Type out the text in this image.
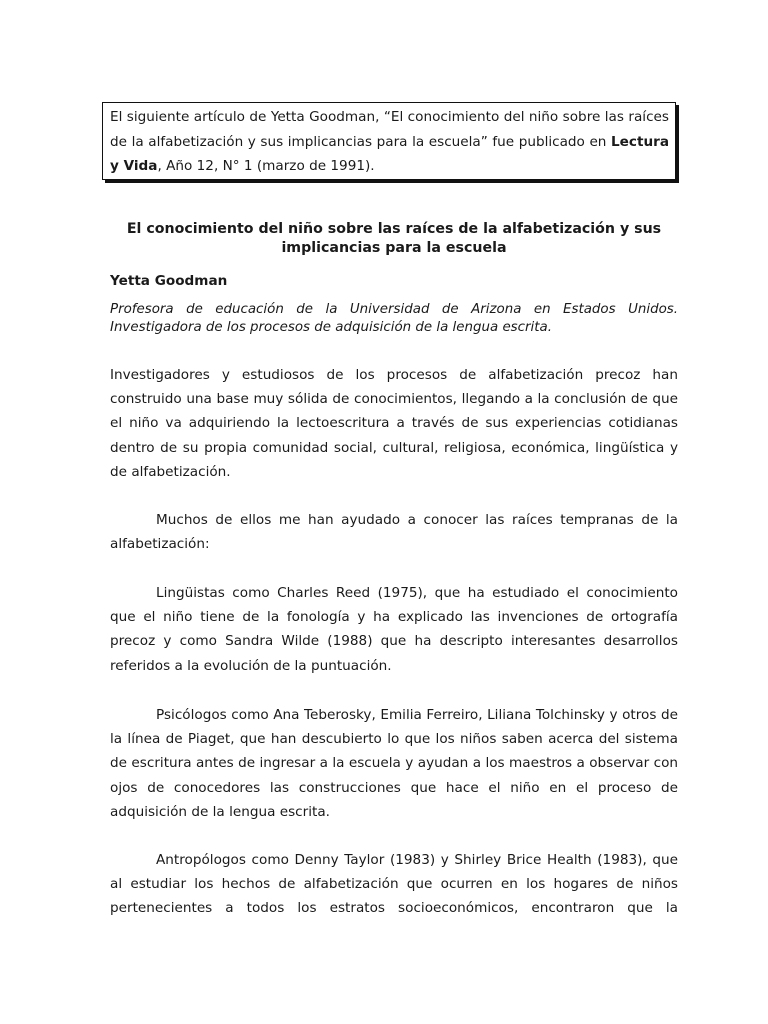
El siguiente artículo de Yetta Goodman, “El conocimiento del niño sobre las raíces de la alfabetización y sus implicancias para la escuela” fue publicado en Lectura y Vida, Año 12, N° 1 (marzo de 1991).
El conocimiento del niño sobre las raíces de la alfabetización y sus implicancias para la escuela
Yetta Goodman
Profesora de educación de la Universidad de Arizona en Estados Unidos. Investigadora de los procesos de adquisición de la lengua escrita.

Investigadores y estudiosos de los procesos de alfabetización precoz han construido una base muy sólida de conocimientos, llegando a la conclusión de que el niño va adquiriendo la lectoescritura a través de sus experiencias cotidianas dentro de su propia comunidad social, cultural, religiosa, económica, lingüística y de alfabetización.

Muchos de ellos me han ayudado a conocer las raíces tempranas de la alfabetización:

Lingüistas como Charles Reed (1975), que ha estudiado el conocimiento que el niño tiene de la fonología y ha explicado las invenciones de ortografía precoz y como Sandra Wilde (1988) que ha descripto interesantes desarrollos referidos a la evolución de la puntuación.

Psicólogos como Ana Teberosky, Emilia Ferreiro, Liliana Tolchinsky y otros de la línea de Piaget, que han descubierto lo que los niños saben acerca del sistema de escritura antes de ingresar a la escuela y ayudan a los maestros a observar con ojos de conocedores las construcciones que hace el niño en el proceso de adquisición de la lengua escrita.

Antropólogos como Denny Taylor (1983) y Shirley Brice Health (1983), que al estudiar los hechos de alfabetización que ocurren en los hogares de niños pertenecientes a todos los estratos socioeconómicos, encontraron que la
